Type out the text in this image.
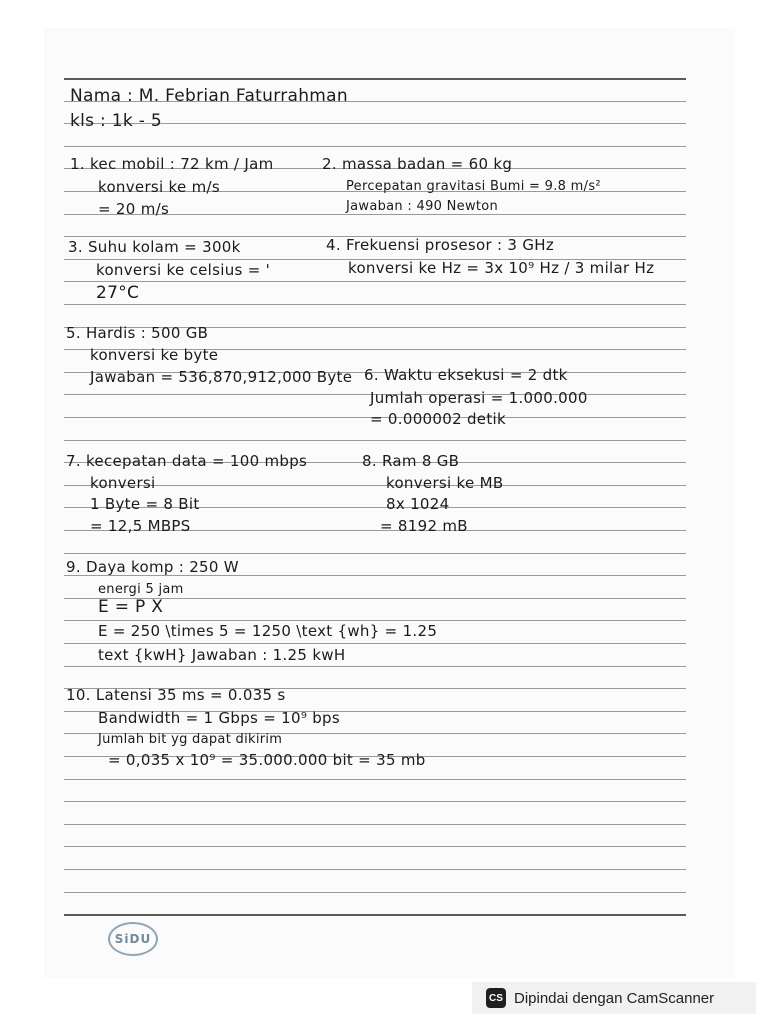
Nama : M. Febrian Faturrahman
kls : 1k - 5
1. kec mobil : 72 km / Jam
konversi ke m/s
= 20 m/s
2. massa badan = 60 kg
Percepatan gravitasi Bumi = 9.8 m/s²
Jawaban : 490 Newton
3. Suhu kolam = 300k
konversi ke celsius = '
27°C
4. Frekuensi prosesor : 3 GHz
konversi ke Hz = 3x 10⁹ Hz / 3 milar Hz
5. Hardis : 500 GB
konversi ke byte
Jawaban = 536,870,912,000 Byte 6. Waktu eksekusi = 2 dtk
Jumlah operasi = 1.000.000
= 0.000002 detik
7. kecepatan data = 100 mbps
konversi
1 Byte = 8 Bit
= 12,5 MBPS
8. Ram 8 GB
konversi ke MB
8x 1024
= 8192 mB
9. Daya komp : 250 W
energi 5 jam
E = P X
E = 250 \times 5 = 1250 \text {wh} = 1.25
text {kwH} Jawaban : 1.25 kwH
10. Latensi 35 ms = 0.035 s
Bandwidth = 1 Gbps = 10⁹ bps
Jumlah bit yg dapat dikirim
= 0,035 x 10⁹ = 35.000.000 bit = 35 mb
SiDU
CS Dipindai dengan CamScanner
